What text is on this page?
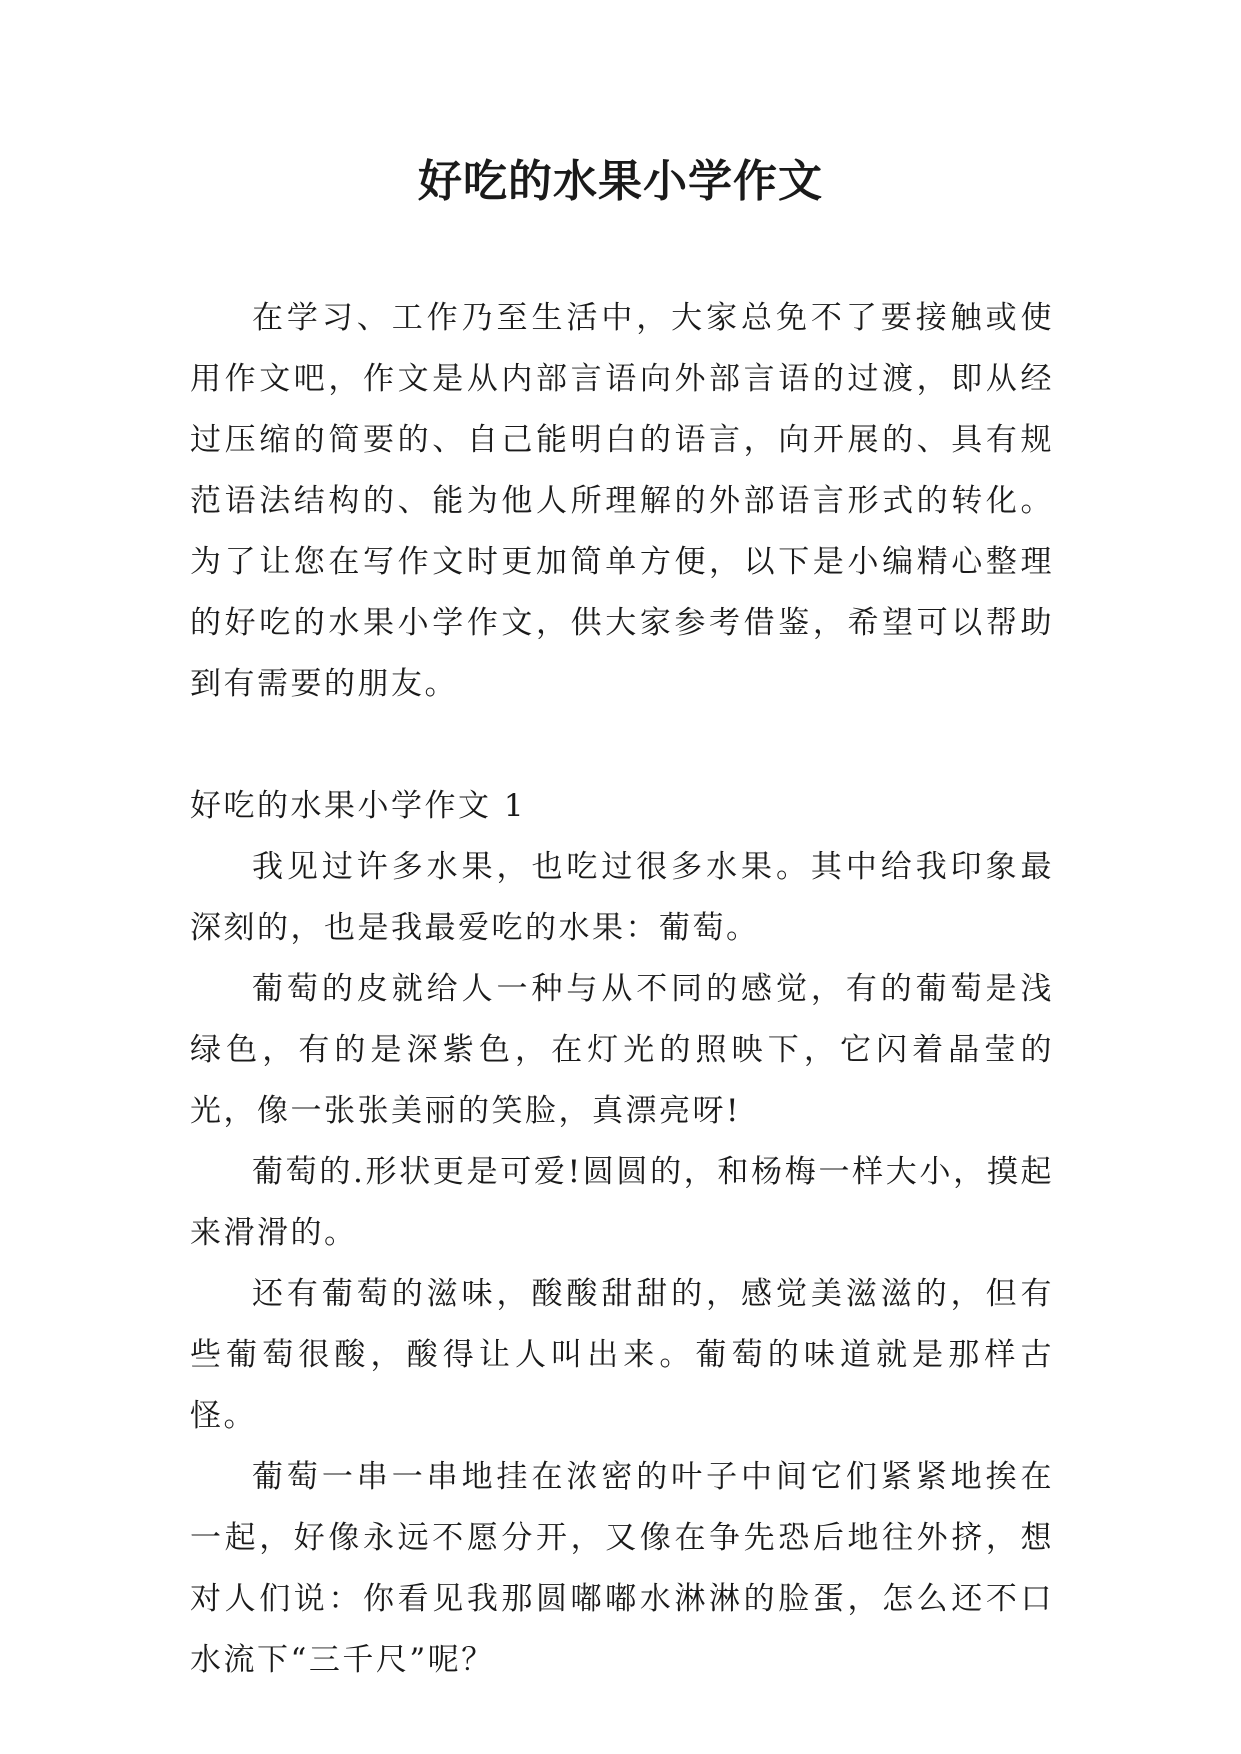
好吃的水果小学作文

在学习、工作乃至生活中，大家总免不了要接触或使用作文吧，作文是从内部言语向外部言语的过渡，即从经过压缩的简要的、自己能明白的语言，向开展的、具有规范语法结构的、能为他人所理解的外部语言形式的转化。为了让您在写作文时更加简单方便，以下是小编精心整理的好吃的水果小学作文，供大家参考借鉴，希望可以帮助到有需要的朋友。

好吃的水果小学作文 1

我见过许多水果，也吃过很多水果。其中给我印象最深刻的，也是我最爱吃的水果：葡萄。

葡萄的皮就给人一种与从不同的感觉，有的葡萄是浅绿色，有的是深紫色，在灯光的照映下，它闪着晶莹的光，像一张张美丽的笑脸，真漂亮呀!

葡萄的.形状更是可爱!圆圆的，和杨梅一样大小，摸起来滑滑的。

还有葡萄的滋味，酸酸甜甜的，感觉美滋滋的，但有些葡萄很酸，酸得让人叫出来。葡萄的味道就是那样古怪。

葡萄一串一串地挂在浓密的叶子中间它们紧紧地挨在一起，好像永远不愿分开，又像在争先恐后地往外挤，想对人们说：你看见我那圆嘟嘟水淋淋的脸蛋，怎么还不口水流下“三千尺”呢？
